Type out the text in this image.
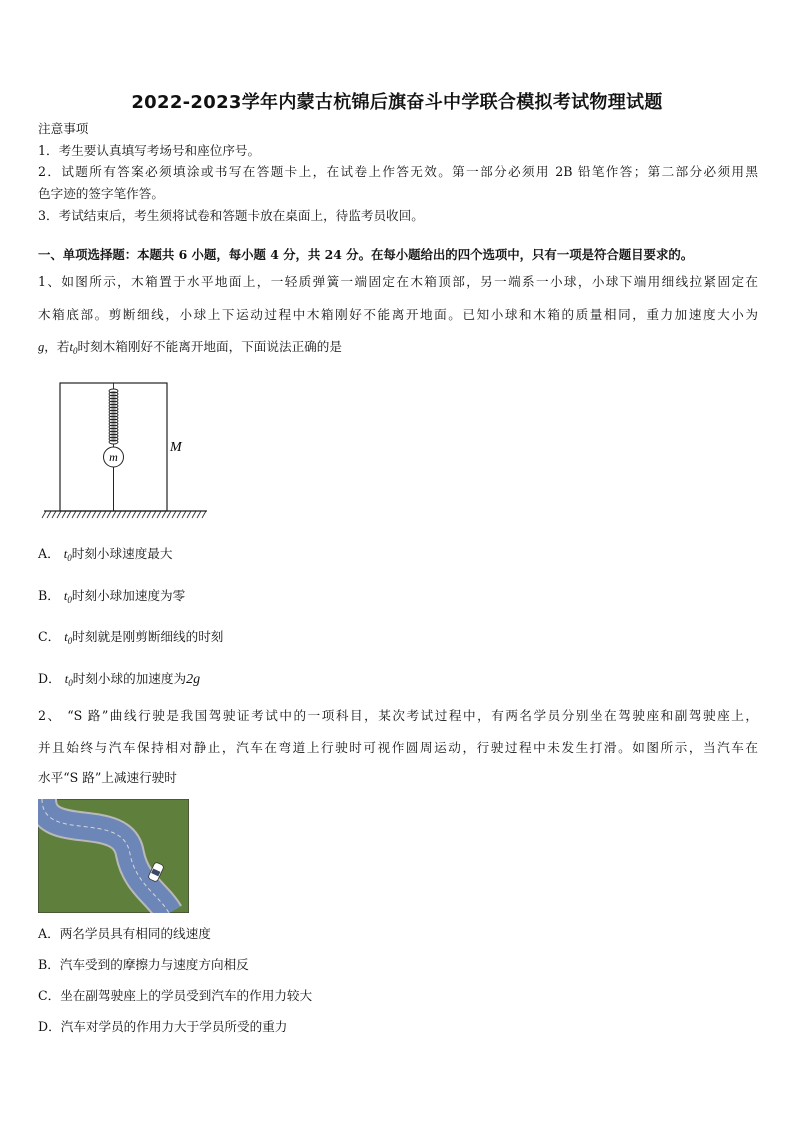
2022-2023学年内蒙古杭锦后旗奋斗中学联合模拟考试物理试题
注意事项
1．考生要认真填写考场号和座位序号。
2．试题所有答案必须填涂或书写在答题卡上，在试卷上作答无效。第一部分必须用 2B 铅笔作答；第二部分必须用黑
色字迹的签字笔作答。
3．考试结束后，考生须将试卷和答题卡放在桌面上，待监考员收回。
一、单项选择题：本题共 6 小题，每小题 4 分，共 24 分。在每小题给出的四个选项中，只有一项是符合题目要求的。
1、如图所示，木箱置于水平地面上，一轻质弹簧一端固定在木箱顶部，另一端系一小球，小球下端用细线拉紧固定在
木箱底部。剪断细线，小球上下运动过程中木箱刚好不能离开地面。已知小球和木箱的质量相同，重力加速度大小为
g，若$t_0$时刻木箱刚好不能离开地面，下面说法正确的是
m
M
A． $t_0$时刻小球速度最大
B． $t_0$时刻小球加速度为零
C． $t_0$时刻就是刚剪断细线的时刻
D． $t_0$时刻小球的加速度为2g
2、 “S 路”曲线行驶是我国驾驶证考试中的一项科目，某次考试过程中，有两名学员分别坐在驾驶座和副驾驶座上，
并且始终与汽车保持相对静止，汽车在弯道上行驶时可视作圆周运动，行驶过程中未发生打滑。如图所示，当汽车在
水平“S 路”上减速行驶时
A．两名学员具有相同的线速度
B．汽车受到的摩擦力与速度方向相反
C．坐在副驾驶座上的学员受到汽车的作用力较大
D．汽车对学员的作用力大于学员所受的重力
